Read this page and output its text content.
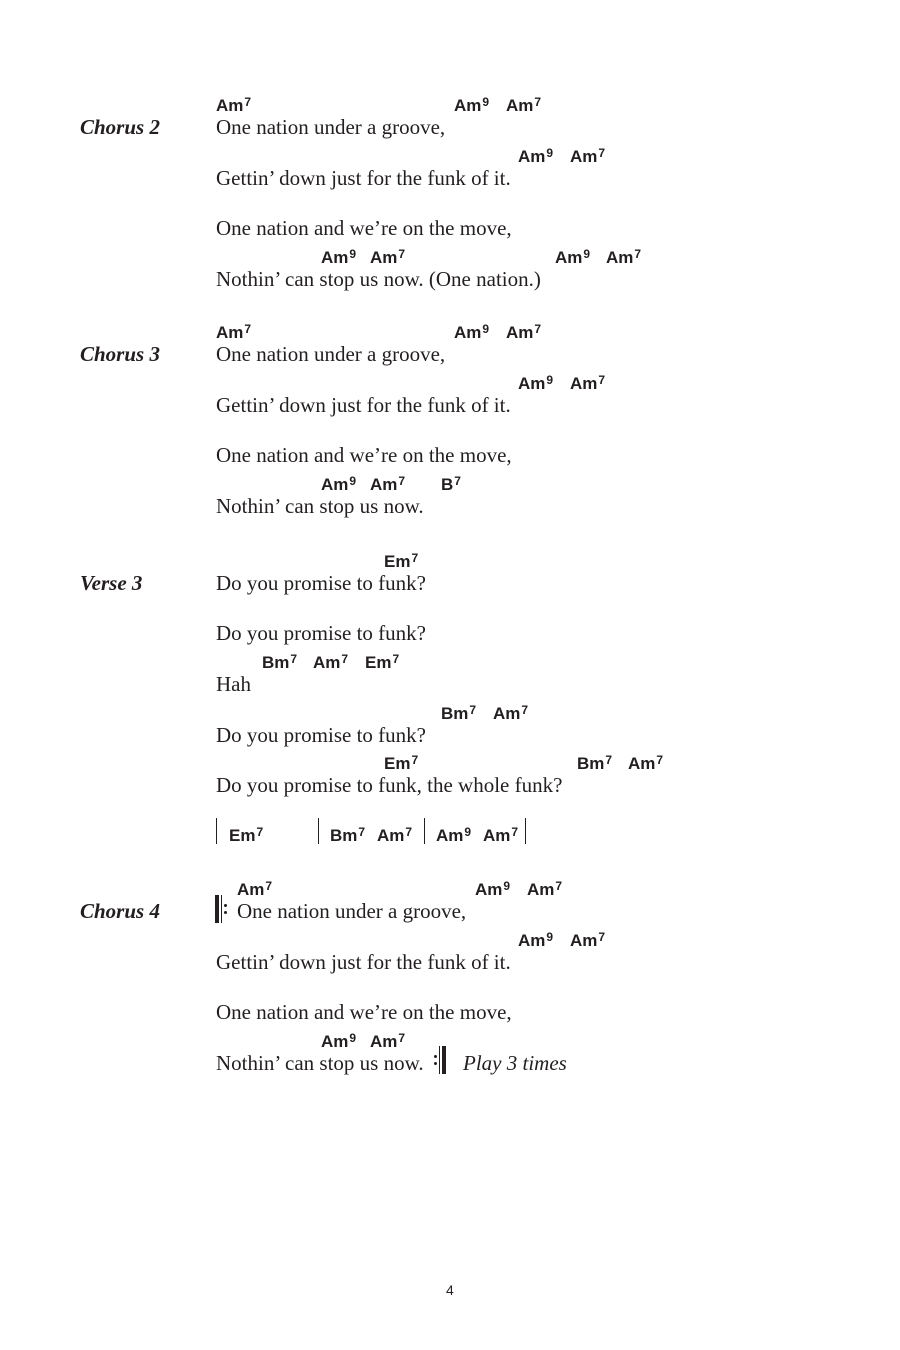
Chorus 2
Am$^7$	Am$^9$ Am$^7$
One nation under a groove,
Am$^9$ Am$^7$
Gettin’ down just for the funk of it.
One nation and we’re on the move,
Am$^9$ Am$^7$	Am$^9$ Am$^7$
Nothin’ can stop us now. (One nation.)
Chorus 3
Am$^7$	Am$^9$ Am$^7$
One nation under a groove,
Am$^9$ Am$^7$
Gettin’ down just for the funk of it.
One nation and we’re on the move,
Am$^9$ Am$^7$ $B^7$
Nothin’ can stop us now.
Verse 3
Em$^7$
Do you promise to funk?
Do you promise to funk?
Bm$^7$ Am$^7$ Em$^7$
Hah
Bm$^7$ Am$^7$
Do you promise to funk?
Em$^7$	Bm$^7$ Am$^7$
Do you promise to funk, the whole funk?
Em$^7$	Bm$^7$ Am$^7$ Am$^9$ Am$^7$
Chorus 4
Am$^7$	Am$^9$ Am$^7$
One nation under a groove,
Am$^9$ Am$^7$
Gettin’ down just for the funk of it.
One nation and we’re on the move,
Am$^9$ Am$^7$
Nothin’ can stop us now. Play 3 times
4
